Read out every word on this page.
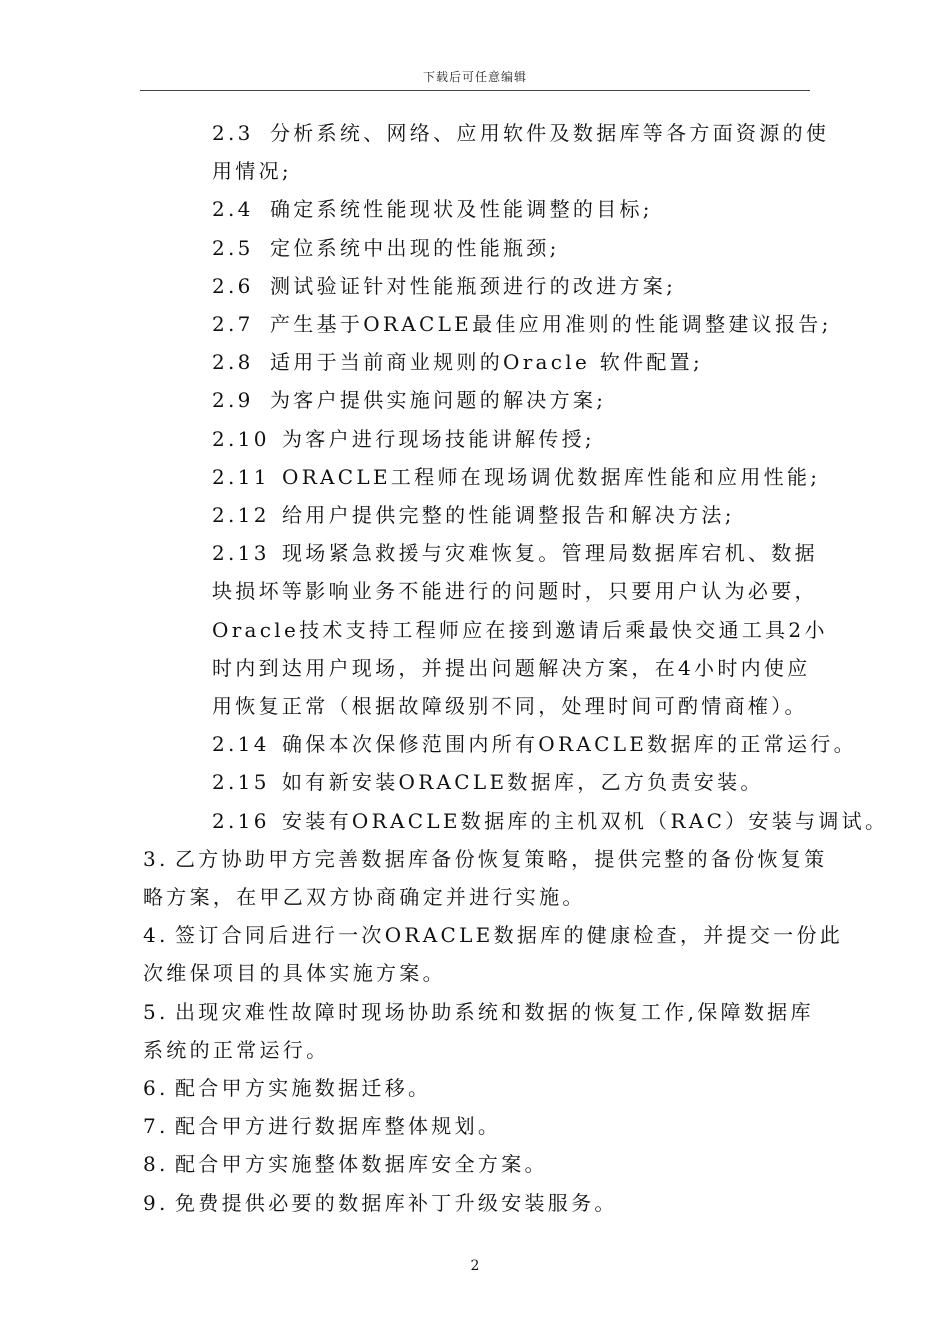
下载后可任意编辑
2.3 分析系统、网络、应用软件及数据库等各方面资源的使
用情况;
2.4 确定系统性能现状及性能调整的目标;
2.5 定位系统中出现的性能瓶颈;
2.6 测试验证针对性能瓶颈进行的改进方案;
2.7 产生基于ORACLE最佳应用准则的性能调整建议报告;
2.8 适用于当前商业规则的Oracle 软件配置;
2.9 为客户提供实施问题的解决方案;
2.10 为客户进行现场技能讲解传授;
2.11 ORACLE工程师在现场调优数据库性能和应用性能;
2.12 给用户提供完整的性能调整报告和解决方法;
2.13 现场紧急救援与灾难恢复。管理局数据库宕机、数据
块损坏等影响业务不能进行的问题时，只要用户认为必要，
Oracle技术支持工程师应在接到邀请后乘最快交通工具2小
时内到达用户现场，并提出问题解决方案，在4小时内使应
用恢复正常（根据故障级别不同，处理时间可酌情商榷）。
2.14 确保本次保修范围内所有ORACLE数据库的正常运行。
2.15 如有新安装ORACLE数据库，乙方负责安装。
2.16 安装有ORACLE数据库的主机双机（RAC）安装与调试。
3. 乙方协助甲方完善数据库备份恢复策略，提供完整的备份恢复策
略方案，在甲乙双方协商确定并进行实施。
4. 签订合同后进行一次ORACLE数据库的健康检查，并提交一份此
次维保项目的具体实施方案。
5. 出现灾难性故障时现场协助系统和数据的恢复工作,保障数据库
系统的正常运行。
6. 配合甲方实施数据迁移。
7. 配合甲方进行数据库整体规划。
8. 配合甲方实施整体数据库安全方案。
9. 免费提供必要的数据库补丁升级安装服务。
2
